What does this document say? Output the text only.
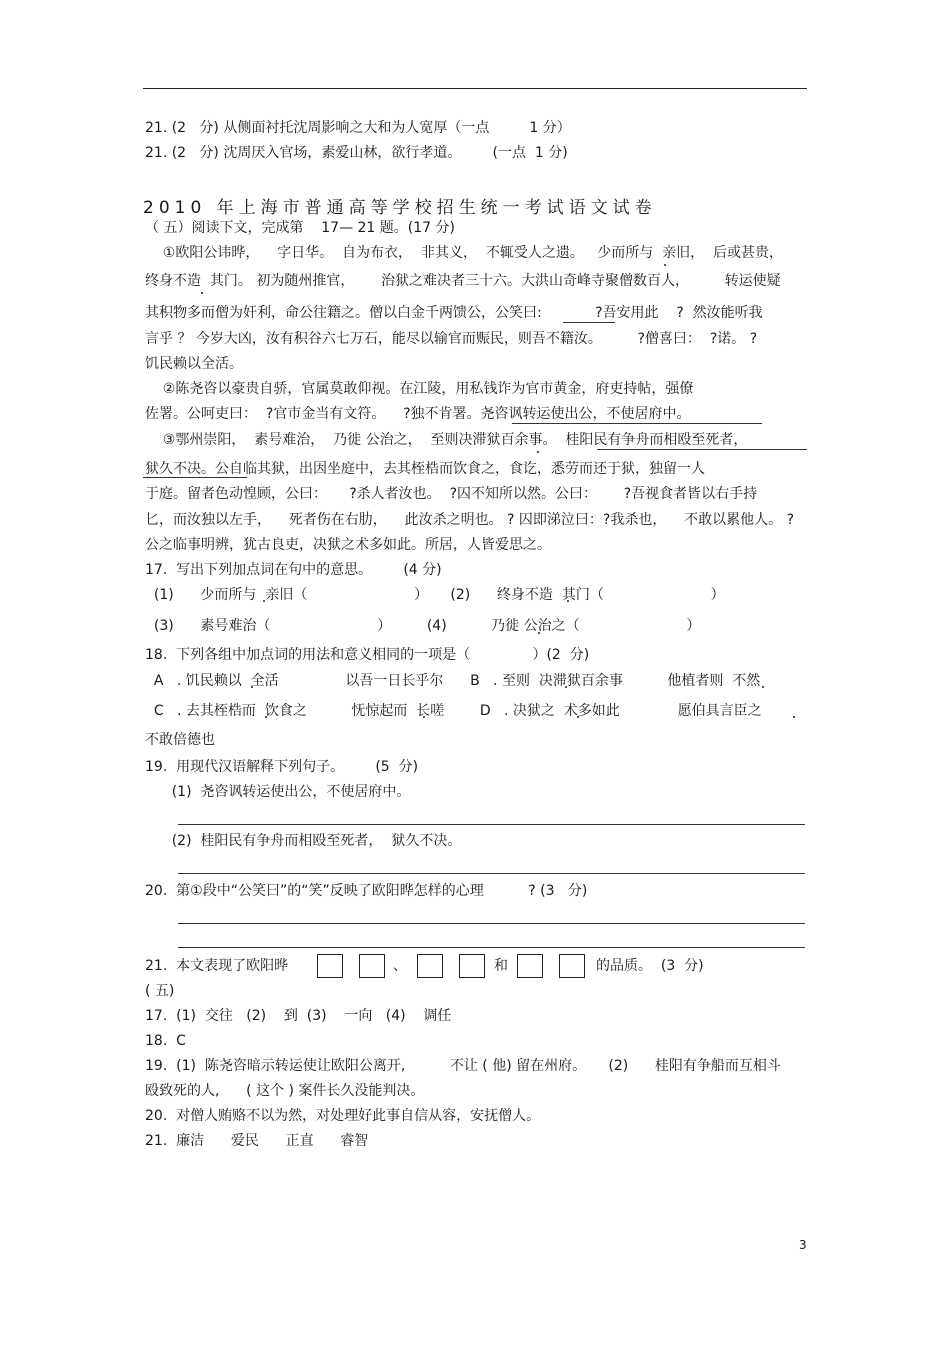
21. (2   分) 从侧面衬托沈周影响之大和为人宽厚（一点         1 分）
21. (2   分) 沈周厌入官场，素爱山林，欲行孝道。       (一点  1 分)
2010 年上海市普通高等学校招生统一考试语文试卷
（ 五）阅读下文，完成第    17— 21 题。(17 分)
①欧阳公讳晔，    字日华。  自为布衣，  非其义，  不辄受人之遗。   少而所与  亲旧，  后或甚贵，
终身不造  其门。 初为随州推官，      治狱之难决者三十六。大洪山奇峰寺聚僧数百人，        转运使疑
其积物多而僧为奸利，命公往籍之。僧以白金千两馈公，公笑曰:            ?吾安用此    ?  然汝能听我
言乎 ？ 今岁大凶，汝有积谷六七万石，能尽以输官而赈民，则吾不籍汝。        ?僧喜曰：  ?诺。 ?
饥民赖以全活。
②陈尧咨以豪贵自骄，官属莫敢仰视。在江陵，用私钱诈为官市黄金，府吏持帖，强僚
佐署。公呵吏曰：  ?官市金当有文符。    ?独不肯署。尧咨讽转运使出公，不使居府中。
③鄂州崇阳，  素号难治，  乃徙 公治之，  至则决滞狱百余事。  桂阳民有争舟而相殴至死者，
狱久不决。公自临其狱，出因坐庭中，去其桎梏而饮食之，食讫，悉劳而还于狱，独留一人
于庭。留者色动惶顾，公曰：     ?杀人者汝也。  ?囚不知所以然。公曰：      ?吾视食者皆以右手持
匕，而汝独以左手，    死者伤在右肋，    此汝杀之明也。 ? 囚即涕泣曰：?我杀也，    不敢以累他人。 ?
公之临事明辨，犹古良吏，决狱之术多如此。所居，人皆爱思之。
17.  写出下列加点词在句中的意思。       (4 分)
(1)      少而所与  亲旧（                        ）     (2)      终身不造  其门（                        ）
(3)      素号难治（                        ）        (4)          乃徙 公治之（                        ）
18.  下列各组中加点词的用法和意义相同的一项是（              ）(2  分)
A   . 饥民赖以  全活               以吾一日长乎尔      B   . 至则  决滞狱百余事          他植者则  不然
C   . 去其桎梏而  饮食之          怃惊起而  长嗟        D   . 决狱之  术多如此             愿伯具言臣之
不敢倍德也
19.  用现代汉语解释下列句子。       (5  分)
(1)  尧咨讽转运使出公，不使居府中。
(2)  桂阳民有争舟而相殴至死者，  狱久不决。
20.  第①段中“公笑曰”的“笑”反映了欧阳晔怎样的心理          ? (3   分)
21.  本文表现了欧阳晔	、	和	的品质。  (3  分)
( 五)
17.  (1)  交往   (2)    到  (3)    一向   (4)    调任
18.  C
19.  (1)  陈尧咨暗示转运使让欧阳公离开,          不让 ( 他) 留在州府。     (2)      桂阳有争船而互相斗
殴致死的人,      ( 这个 ) 案件长久没能判决。
20.  对僧人贿赂不以为然，对处理好此事自信从容，安抚僧人。
21.  廉洁      爱民      正直      睿智
3
